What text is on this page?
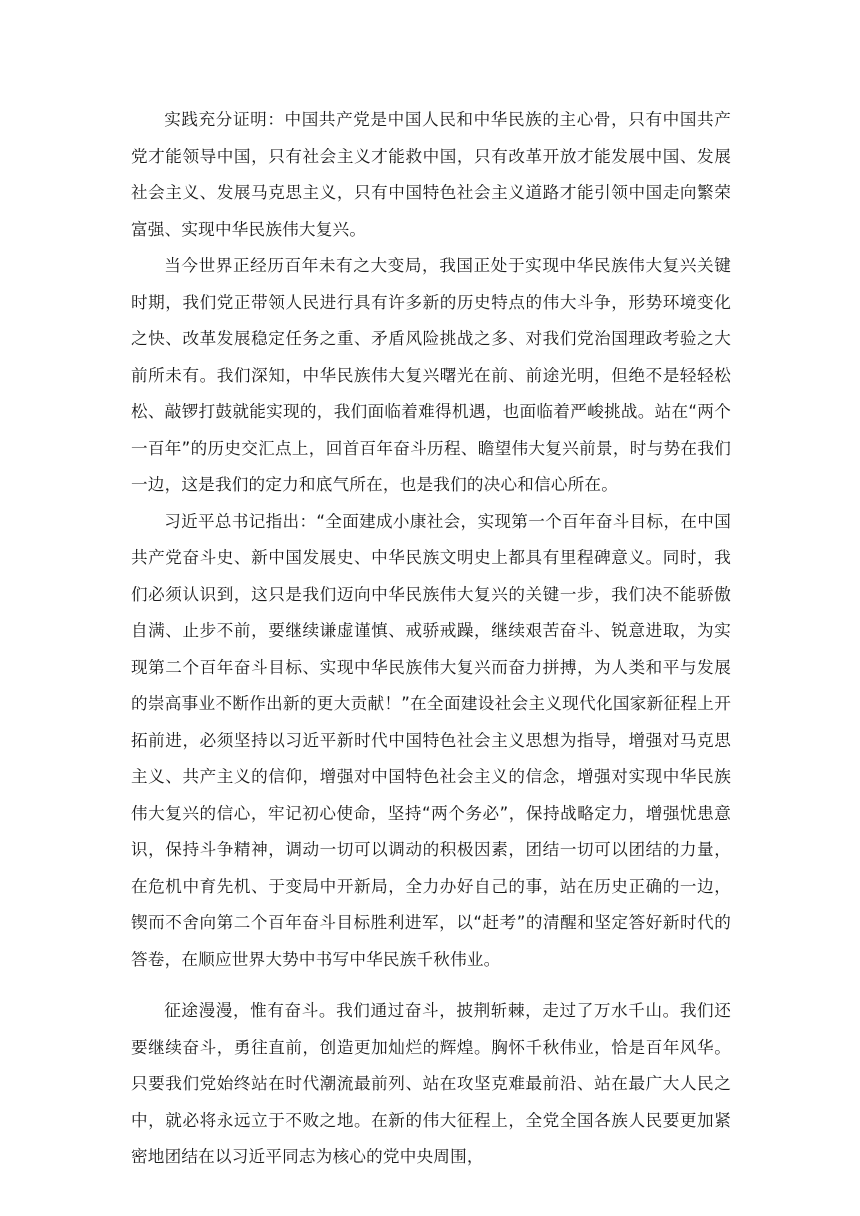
实践充分证明：中国共产党是中国人民和中华民族的主心骨，只有中国共产党才能领导中国，只有社会主义才能救中国，只有改革开放才能发展中国、发展社会主义、发展马克思主义，只有中国特色社会主义道路才能引领中国走向繁荣富强、实现中华民族伟大复兴。

当今世界正经历百年未有之大变局，我国正处于实现中华民族伟大复兴关键时期，我们党正带领人民进行具有许多新的历史特点的伟大斗争，形势环境变化之快、改革发展稳定任务之重、矛盾风险挑战之多、对我们党治国理政考验之大前所未有。我们深知，中华民族伟大复兴曙光在前、前途光明，但绝不是轻轻松松、敲锣打鼓就能实现的，我们面临着难得机遇，也面临着严峻挑战。站在“两个一百年”的历史交汇点上，回首百年奋斗历程、瞻望伟大复兴前景，时与势在我们一边，这是我们的定力和底气所在，也是我们的决心和信心所在。

习近平总书记指出：“全面建成小康社会，实现第一个百年奋斗目标，在中国共产党奋斗史、新中国发展史、中华民族文明史上都具有里程碑意义。同时，我们必须认识到，这只是我们迈向中华民族伟大复兴的关键一步，我们决不能骄傲自满、止步不前，要继续谦虚谨慎、戒骄戒躁，继续艰苦奋斗、锐意进取，为实现第二个百年奋斗目标、实现中华民族伟大复兴而奋力拼搏，为人类和平与发展的崇高事业不断作出新的更大贡献！”在全面建设社会主义现代化国家新征程上开拓前进，必须坚持以习近平新时代中国特色社会主义思想为指导，增强对马克思主义、共产主义的信仰，增强对中国特色社会主义的信念，增强对实现中华民族伟大复兴的信心，牢记初心使命，坚持“两个务必”，保持战略定力，增强忧患意识，保持斗争精神，调动一切可以调动的积极因素，团结一切可以团结的力量，在危机中育先机、于变局中开新局，全力办好自己的事，站在历史正确的一边，锲而不舍向第二个百年奋斗目标胜利进军，以“赶考”的清醒和坚定答好新时代的答卷，在顺应世界大势中书写中华民族千秋伟业。

征途漫漫，惟有奋斗。我们通过奋斗，披荆斩棘，走过了万水千山。我们还要继续奋斗，勇往直前，创造更加灿烂的辉煌。胸怀千秋伟业，恰是百年风华。只要我们党始终站在时代潮流最前列、站在攻坚克难最前沿、站在最广大人民之中，就必将永远立于不败之地。在新的伟大征程上，全党全国各族人民要更加紧密地团结在以习近平同志为核心的党中央周围，
